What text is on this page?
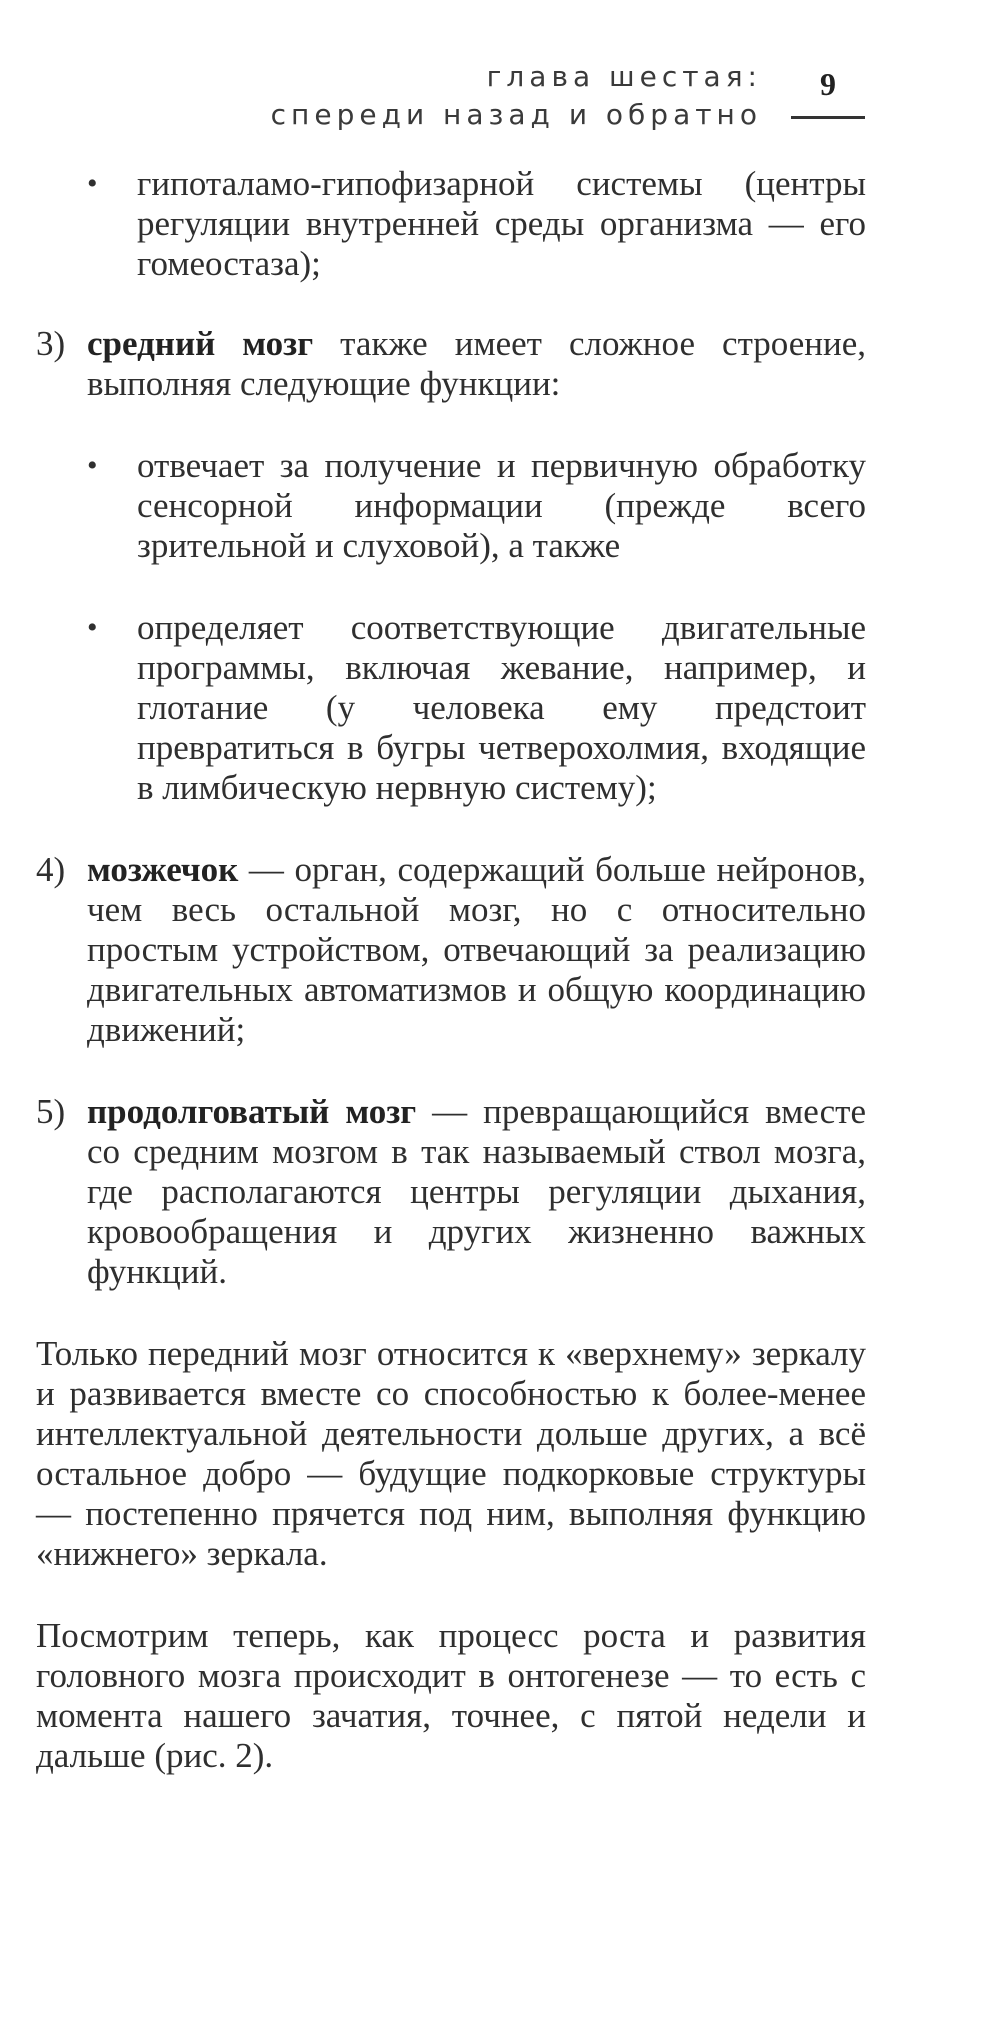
глава шестая:
спереди назад и обратно
9

• гипоталамо-гипофизарной системы (центры регуляции внутренней среды организма — его гомеостаза);

3) средний мозг также имеет сложное строение, выполняя следующие функции:

• отвечает за получение и первичную обработку сенсорной информации (прежде всего зрительной и слуховой), а также

• определяет соответствующие двигательные программы, включая жевание, например, и глотание (у человека ему предстоит превратиться в бугры четверохолмия, входящие в лимбическую нервную систему);

4) мозжечок — орган, содержащий больше нейронов, чем весь остальной мозг, но с относительно простым устройством, отвечающий за реализацию двигательных автоматизмов и общую координацию движений;

5) продолговатый мозг — превращающийся вместе со средним мозгом в так называемый ствол мозга, где располагаются центры регуляции дыхания, кровообращения и других жизненно важных функций.

Только передний мозг относится к «верхнему» зеркалу и развивается вместе со способностью к более-менее интеллектуальной деятельности дольше других, а всё остальное добро — будущие подкорковые структуры — постепенно прячется под ним, выполняя функцию «нижнего» зеркала.

Посмотрим теперь, как процесс роста и развития головного мозга происходит в онтогенезе — то есть с момента нашего зачатия, точнее, с пятой недели и дальше (рис. 2).
